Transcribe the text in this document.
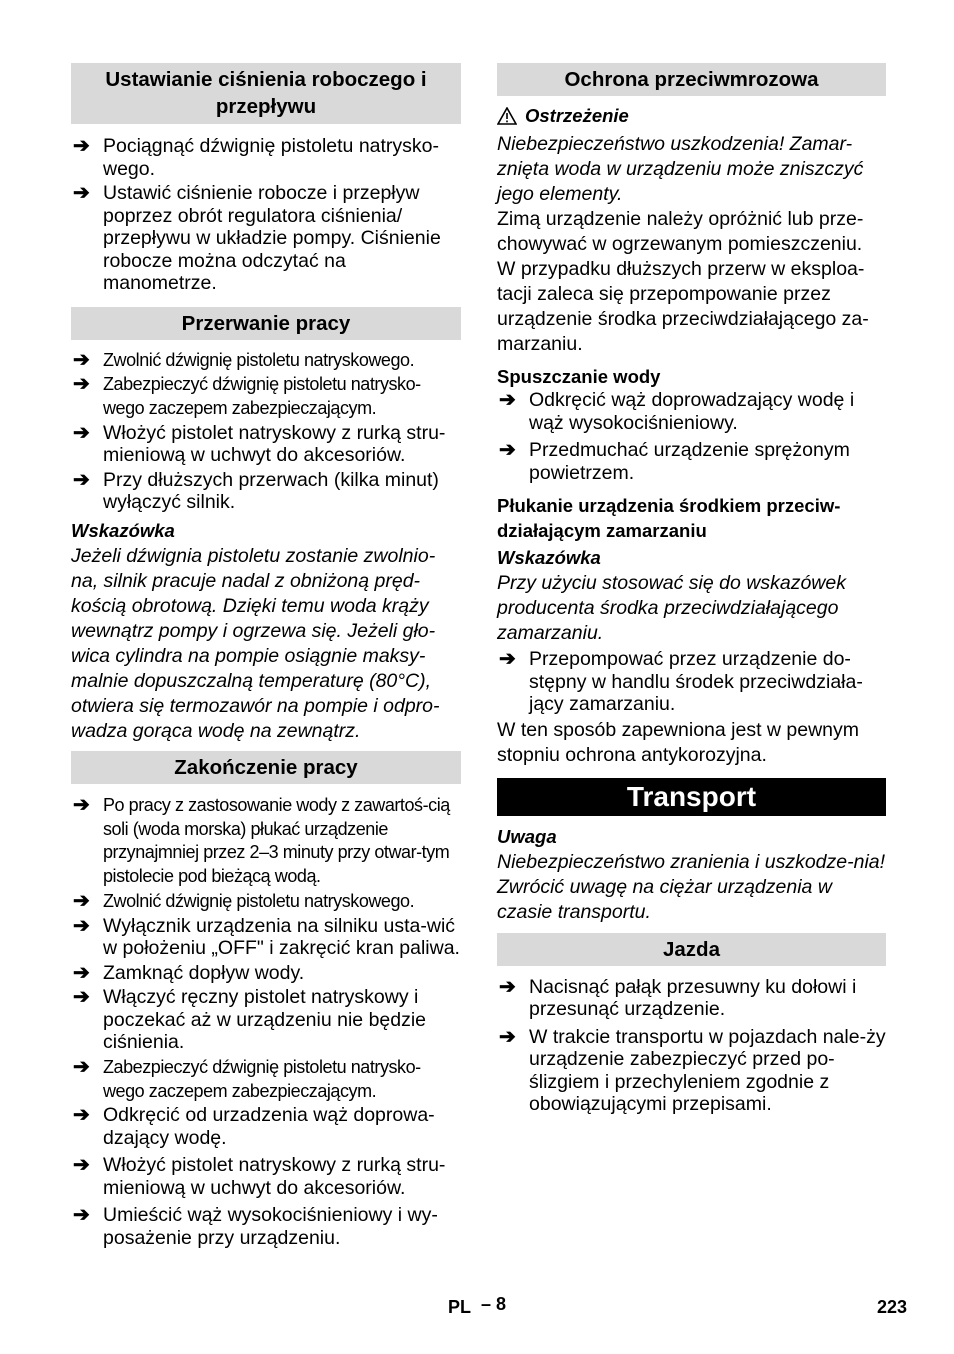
Ustawianie ciśnienia roboczego i przepływu
➔ Pociągnąć dźwignię pistoletu natrysko-wego.
➔ Ustawić ciśnienie robocze i przepływ poprzez obrót regulatora ciśnienia/ przepływu w układzie pompy. Ciśnienie robocze można odczytać na manometrze.
Przerwanie pracy
➔ Zwolnić dźwignię pistoletu natryskowego.
➔ Zabezpieczyć dźwignię pistoletu natrysko-wego zaczepem zabezpieczającym.
➔ Włożyć pistolet natryskowy z rurką stru-mieniową w uchwyt do akcesoriów.
➔ Przy dłuższych przerwach (kilka minut) wyłączyć silnik.
Wskazówka
Jeżeli dźwignia pistoletu zostanie zwolnio-na, silnik pracuje nadal z obniżoną pręd-kością obrotową. Dzięki temu woda krąży wewnątrz pompy i ogrzewa się. Jeżeli gło-wica cylindra na pompie osiągnie maksy-malnie dopuszczalną temperaturę (80°C), otwiera się termozawór na pompie i odpro-wadza gorąca wodę na zewnątrz.
Zakończenie pracy
➔ Po pracy z zastosowanie wody z zawartoś-cią soli (woda morska) płukać urządzenie przynajmniej przez 2–3 minuty przy otwar-tym pistolecie pod bieżącą wodą.
➔ Zwolnić dźwignię pistoletu natryskowego.
➔ Wyłącznik urządzenia na silniku usta-wić w położeniu „OFF" i zakręcić kran paliwa.
➔ Zamknąć dopływ wody.
➔ Włączyć ręczny pistolet natryskowy i poczekać aż w urządzeniu nie będzie ciśnienia.
➔ Zabezpieczyć dźwignię pistoletu natrysko-wego zaczepem zabezpieczającym.
➔ Odkręcić od urzadzenia wąż doprowa-dzający wodę.
➔ Włożyć pistolet natryskowy z rurką stru-mieniową w uchwyt do akcesoriów.
➔ Umieścić wąż wysokociśnieniowy i wy-posażenie przy urządzeniu.
Ochrona przeciwmrozowa
Ostrzeżenie
Niebezpieczeństwo uszkodzenia! Zamar-znięta woda w urządzeniu może zniszczyć jego elementy.
Zimą urządzenie należy opróżnić lub prze-chowywać w ogrzewanym pomieszczeniu. W przypadku dłuższych przerw w eksploa-tacji zaleca się przepompowanie przez urządzenie środka przeciwdziałającego za-marzaniu.
Spuszczanie wody
➔ Odkręcić wąż doprowadzający wodę i wąż wysokociśnieniowy.
➔ Przedmuchać urządzenie sprężonym powietrzem.
Płukanie urządzenia środkiem przeciw-działającym zamarzaniu
Wskazówka
Przy użyciu stosować się do wskazówek producenta środka przeciwdziałającego zamarzaniu.
➔ Przepompować przez urządzenie do-stępny w handlu środek przeciwdziała-jący zamarzaniu.
W ten sposób zapewniona jest w pewnym stopniu ochrona antykorozyjna.
Transport
Uwaga
Niebezpieczeństwo zranienia i uszkodze-nia! Zwrócić uwagę na ciężar urządzenia w czasie transportu.
Jazda
➔ Nacisnąć pałąk przesuwny ku dołowi i przesunąć urządzenie.
➔ W trakcie transportu w pojazdach nale-ży urządzenie zabezpieczyć przed po-ślizgiem i przechyleniem zgodnie z obowiązującymi przepisami.
PL – 8	223
